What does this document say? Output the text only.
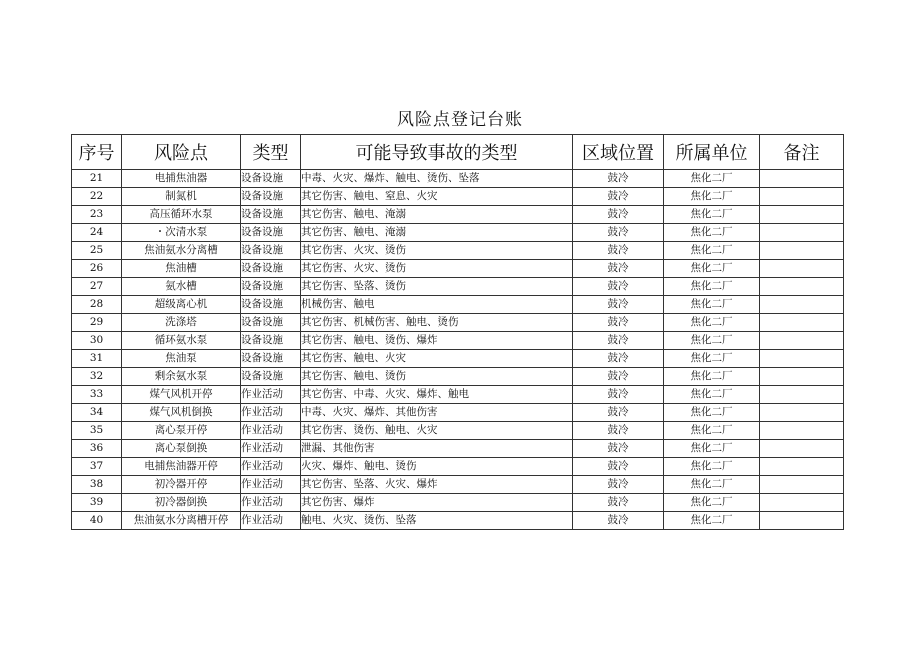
风险点登记台账
序号	风险点	类型	可能导致事故的类型	区域位置	所属单位	备注
21	电捕焦油器	设备设施	中毒、火灾、爆炸、触电、烫伤、坠落	鼓冷	焦化二厂	
22	制氮机	设备设施	其它伤害、触电、窒息、火灾	鼓冷	焦化二厂	
23	高压循环水泵	设备设施	其它伤害、触电、淹溺	鼓冷	焦化二厂	
24	・次清水泵	设备设施	其它伤害、触电、淹溺	鼓冷	焦化二厂	
25	焦油氨水分离槽	设备设施	其它伤害、火灾、烫伤	鼓冷	焦化二厂	
26	焦油槽	设备设施	其它伤害、火灾、烫伤	鼓冷	焦化二厂	
27	氨水槽	设备设施	其它伤害、坠落、烫伤	鼓冷	焦化二厂	
28	超级离心机	设备设施	机械伤害、触电	鼓冷	焦化二厂	
29	洗涤塔	设备设施	其它伤害、机械伤害、触电、烫伤	鼓冷	焦化二厂	
30	循环氨水泵	设备设施	其它伤害、触电、烫伤、爆炸	鼓冷	焦化二厂	
31	焦油泵	设备设施	其它伤害、触电、火灾	鼓冷	焦化二厂	
32	剩余氨水泵	设备设施	其它伤害、触电、烫伤	鼓冷	焦化二厂	
33	煤气风机开停	作业活动	其它伤害、中毒、火灾、爆炸、触电	鼓冷	焦化二厂	
34	煤气风机倒换	作业活动	中毒、火灾、爆炸、其他伤害	鼓冷	焦化二厂	
35	离心泵开停	作业活动	其它伤害、烫伤、触电、火灾	鼓冷	焦化二厂	
36	离心泵倒换	作业活动	泄漏、其他伤害	鼓冷	焦化二厂	
37	电捕焦油器开停	作业活动	火灾、爆炸、触电、烫伤	鼓冷	焦化二厂	
38	初冷器开停	作业活动	其它伤害、坠落、火灾、爆炸	鼓冷	焦化二厂	
39	初冷器倒换	作业活动	其它伤害、爆炸	鼓冷	焦化二厂	
40	焦油氨水分离槽开停	作业活动	触电、火灾、烫伤、坠落	鼓冷	焦化二厂	
